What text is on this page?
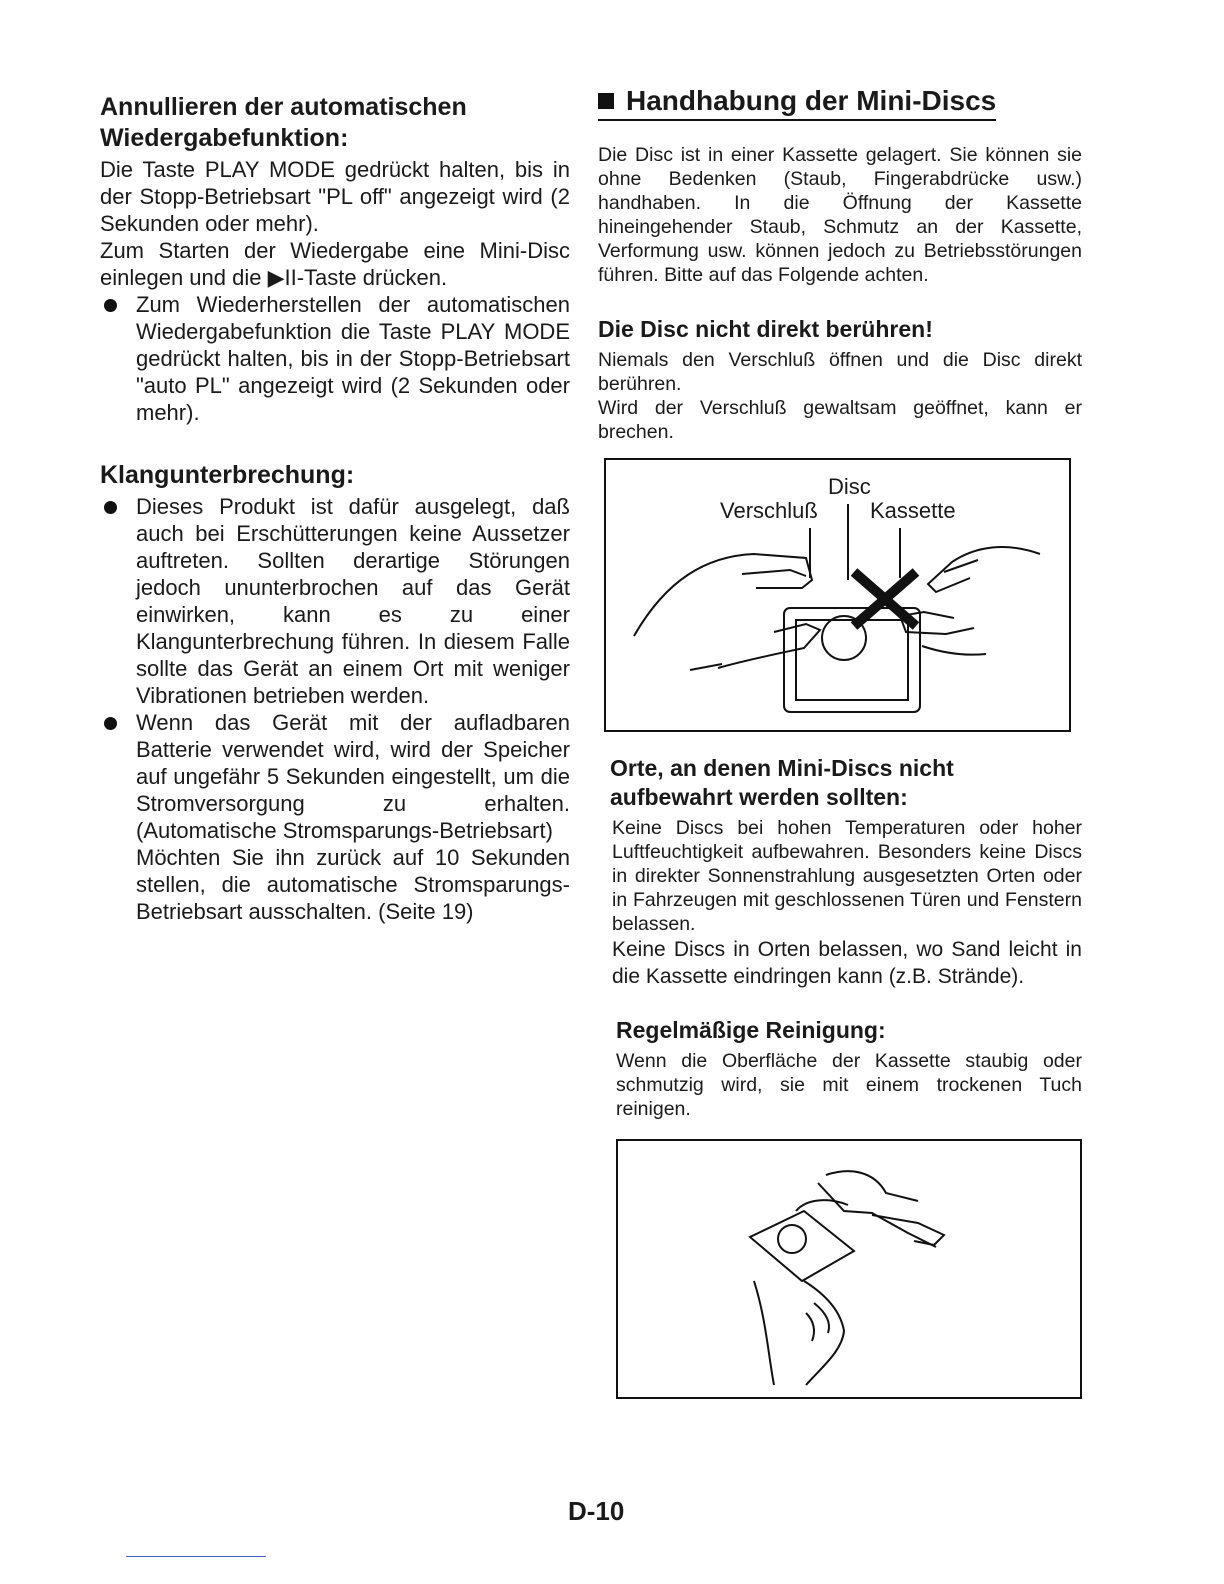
Annullieren der automatischen
Wiedergabefunktion:

Die Taste PLAY MODE gedrückt halten, bis in der Stopp-Betriebsart "PL off" angezeigt wird (2 Sekunden oder mehr).

Zum Starten der Wiedergabe eine Mini-Disc einlegen und die ▶II-Taste drücken.

Zum Wiederherstellen der automatischen Wiedergabefunktion die Taste PLAY MODE gedrückt halten, bis in der Stopp-Betriebsart "auto PL" angezeigt wird (2 Sekunden oder mehr).

Klangunterbrechung:

Dieses Produkt ist dafür ausgelegt, daß auch bei Erschütterungen keine Aussetzer auftreten. Sollten derartige Störungen jedoch ununterbrochen auf das Gerät einwirken, kann es zu einer Klangunterbrechung führen. In diesem Falle sollte das Gerät an einem Ort mit weniger Vibrationen betrieben werden.

Wenn das Gerät mit der aufladbaren Batterie verwendet wird, wird der Speicher auf ungefähr 5 Sekunden eingestellt, um die Stromversorgung zu erhalten. (Automatische Stromsparungs-Betriebsart)

Möchten Sie ihn zurück auf 10 Sekunden stellen, die automatische Stromsparungs-Betriebsart ausschalten. (Seite 19)

Handhabung der Mini-Discs

Die Disc ist in einer Kassette gelagert. Sie können sie ohne Bedenken (Staub, Fingerabdrücke usw.) handhaben. In die Öffnung der Kassette hineingehender Staub, Schmutz an der Kassette, Verformung usw. können jedoch zu Betriebsstörungen führen. Bitte auf das Folgende achten.

Die Disc nicht direkt berühren!

Niemals den Verschluß öffnen und die Disc direkt berühren.

Wird der Verschluß gewaltsam geöffnet, kann er brechen.

Disc
Verschluß Kassette
Orte, an denen Mini-Discs nicht
aufbewahrt werden sollten:

Keine Discs bei hohen Temperaturen oder hoher Luftfeuchtigkeit aufbewahren. Besonders keine Discs in direkter Sonnenstrahlung ausgesetzten Orten oder in Fahrzeugen mit geschlossenen Türen und Fenstern belassen.

Keine Discs in Orten belassen, wo Sand leicht in die Kassette eindringen kann (z.B. Strände).

Regelmäßige Reinigung:

Wenn die Oberfläche der Kassette staubig oder schmutzig wird, sie mit einem trockenen Tuch reinigen.

D-10
